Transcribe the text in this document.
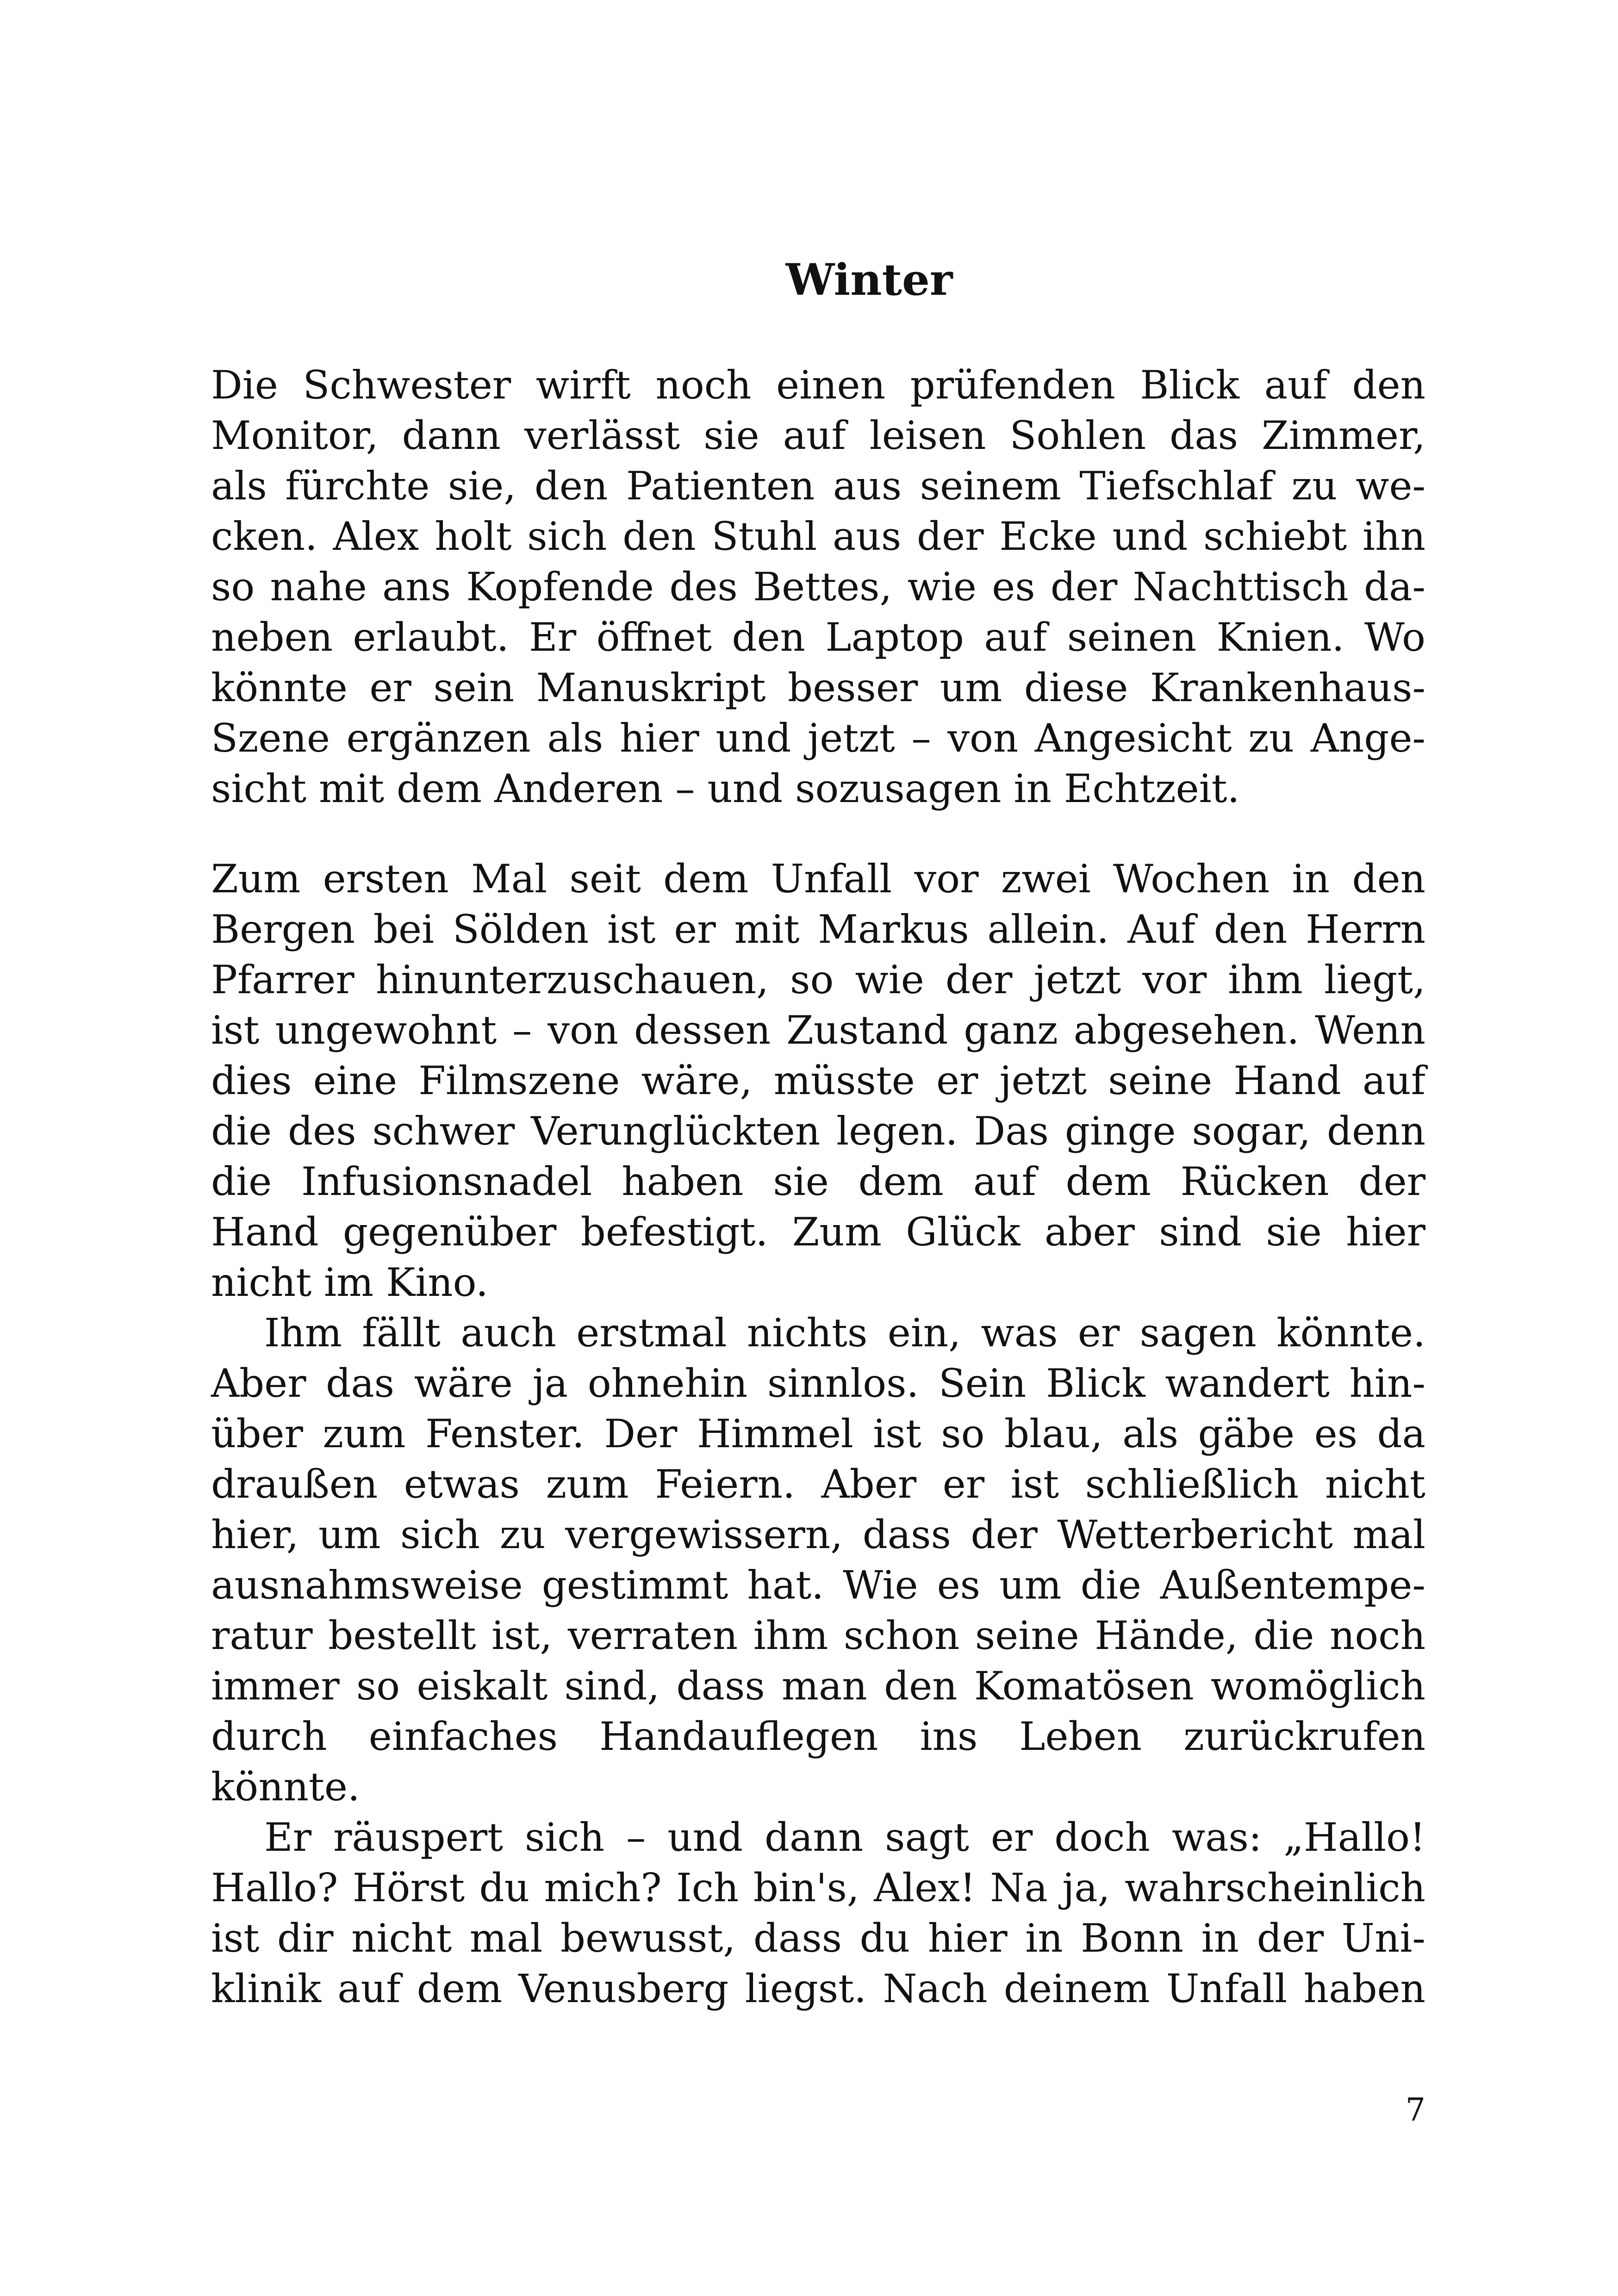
Winter
Die Schwester wirft noch einen prüfenden Blick auf den
Monitor, dann verlässt sie auf leisen Sohlen das Zimmer,
als fürchte sie, den Patienten aus seinem Tiefschlaf zu we-
cken. Alex holt sich den Stuhl aus der Ecke und schiebt ihn
so nahe ans Kopfende des Bettes, wie es der Nachttisch da-
neben erlaubt. Er öffnet den Laptop auf seinen Knien. Wo
könnte er sein Manuskript besser um diese Krankenhaus-
Szene ergänzen als hier und jetzt – von Angesicht zu Ange-
sicht mit dem Anderen – und sozusagen in Echtzeit.
Zum ersten Mal seit dem Unfall vor zwei Wochen in den
Bergen bei Sölden ist er mit Markus allein. Auf den Herrn
Pfarrer hinunterzuschauen, so wie der jetzt vor ihm liegt,
ist ungewohnt – von dessen Zustand ganz abgesehen. Wenn
dies eine Filmszene wäre, müsste er jetzt seine Hand auf
die des schwer Verunglückten legen. Das ginge sogar, denn
die Infusionsnadel haben sie dem auf dem Rücken der
Hand gegenüber befestigt. Zum Glück aber sind sie hier
nicht im Kino.
Ihm fällt auch erstmal nichts ein, was er sagen könnte.
Aber das wäre ja ohnehin sinnlos. Sein Blick wandert hin-
über zum Fenster. Der Himmel ist so blau, als gäbe es da
draußen etwas zum Feiern. Aber er ist schließlich nicht
hier, um sich zu vergewissern, dass der Wetterbericht mal
ausnahmsweise gestimmt hat. Wie es um die Außentempe-
ratur bestellt ist, verraten ihm schon seine Hände, die noch
immer so eiskalt sind, dass man den Komatösen womöglich
durch einfaches Handauflegen ins Leben zurückrufen
könnte.
Er räuspert sich – und dann sagt er doch was: „Hallo!
Hallo? Hörst du mich? Ich bin's, Alex! Na ja, wahrscheinlich
ist dir nicht mal bewusst, dass du hier in Bonn in der Uni-
klinik auf dem Venusberg liegst. Nach deinem Unfall haben
7
